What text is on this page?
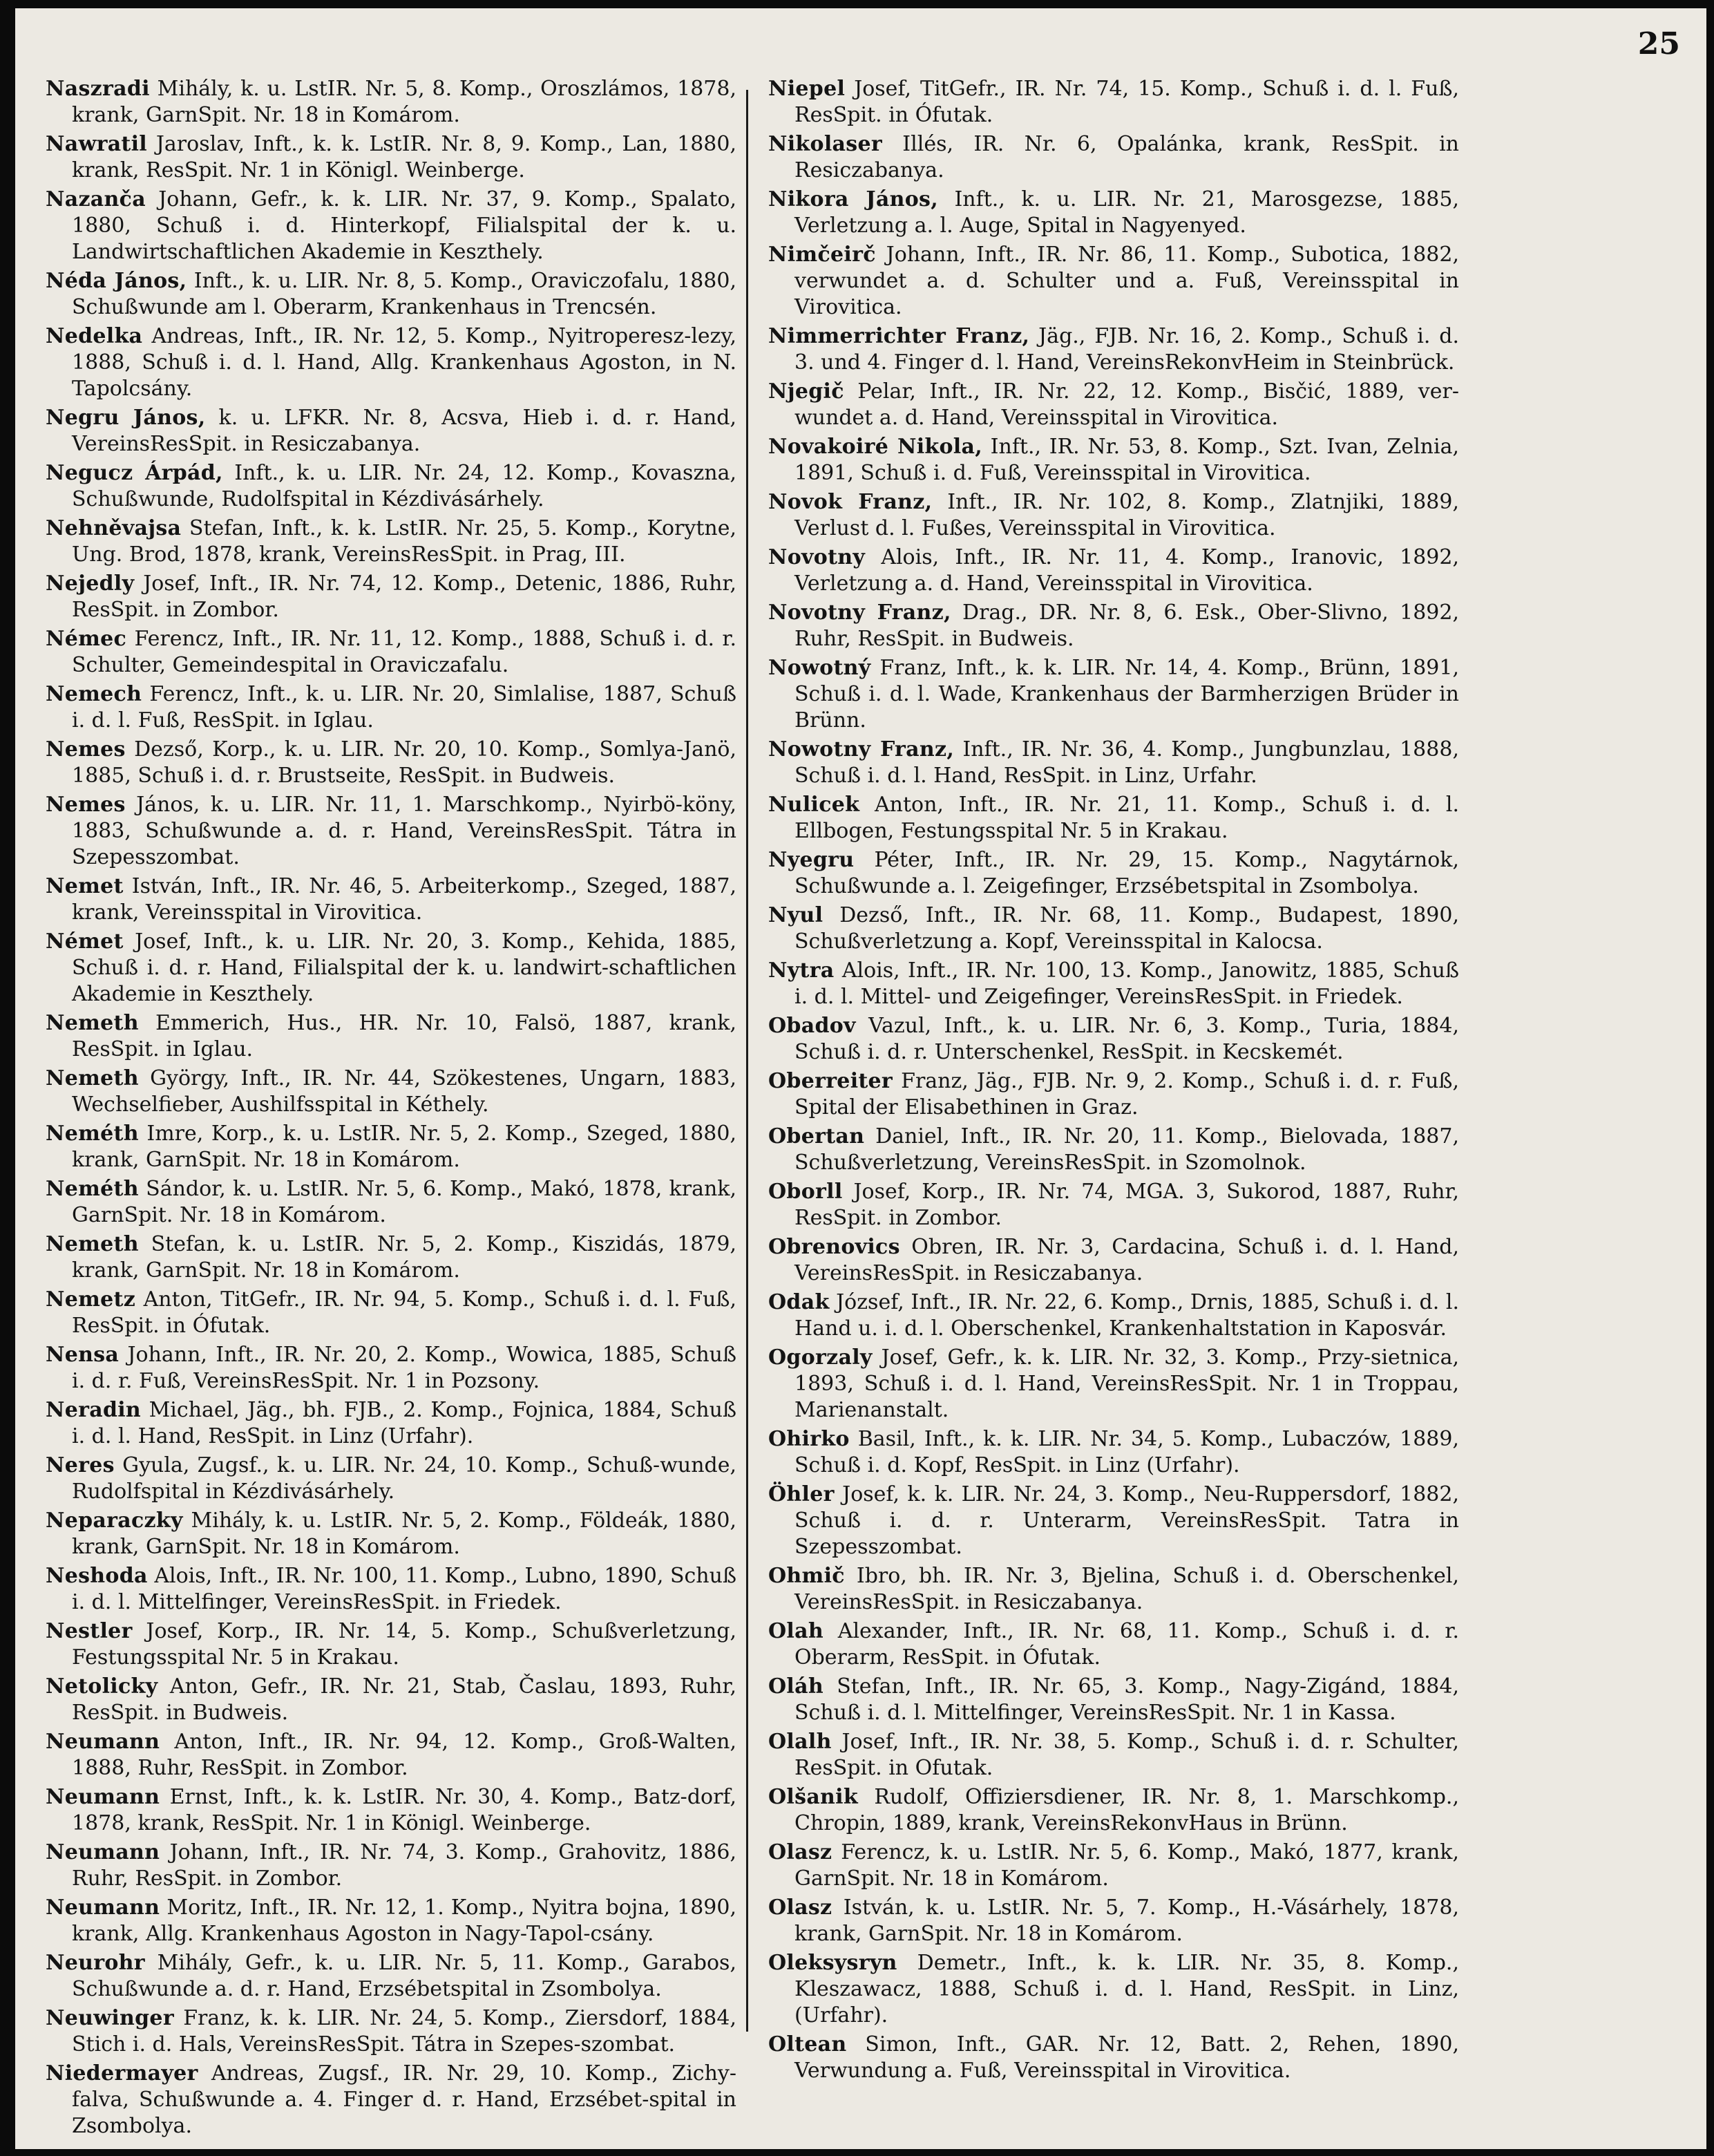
25

Naszradi Mihály, k. u. LstIR. Nr. 5, 8. Komp., Oroszlámos, 1878, krank, GarnSpit. Nr. 18 in Komárom.

Nawratil Jaroslav, Inft., k. k. LstIR. Nr. 8, 9. Komp., Lan, 1880, krank, ResSpit. Nr. 1 in Königl. Weinberge.

Nazanča Johann, Gefr., k. k. LIR. Nr. 37, 9. Komp., Spalato, 1880, Schuß i. d. Hinterkopf, Filialspital der k. u. Landwirtschaftlichen Akademie in Keszthely.

Néda János, Inft., k. u. LIR. Nr. 8, 5. Komp., Oraviczofalu, 1880, Schußwunde am l. Oberarm, Krankenhaus in Trencsén.

Nedelka Andreas, Inft., IR. Nr. 12, 5. Komp., Nyitroperesz-lezy, 1888, Schuß i. d. l. Hand, Allg. Krankenhaus Agoston, in N. Tapolcsány.

Negru János, k. u. LFKR. Nr. 8, Acsva, Hieb i. d. r. Hand, VereinsResSpit. in Resiczabanya.

Negucz Árpád, Inft., k. u. LIR. Nr. 24, 12. Komp., Kovaszna, Schußwunde, Rudolfspital in Kézdivásárhely.

Nehněvajsa Stefan, Inft., k. k. LstIR. Nr. 25, 5. Komp., Korytne, Ung. Brod, 1878, krank, VereinsResSpit. in Prag, III.

Nejedly Josef, Inft., IR. Nr. 74, 12. Komp., Detenic, 1886, Ruhr, ResSpit. in Zombor.

Némec Ferencz, Inft., IR. Nr. 11, 12. Komp., 1888, Schuß i. d. r. Schulter, Gemeindespital in Oraviczafalu.

Nemech Ferencz, Inft., k. u. LIR. Nr. 20, Simlalise, 1887, Schuß i. d. l. Fuß, ResSpit. in Iglau.

Nemes Dezső, Korp., k. u. LIR. Nr. 20, 10. Komp., Somlya-Janö, 1885, Schuß i. d. r. Brustseite, ResSpit. in Budweis.

Nemes János, k. u. LIR. Nr. 11, 1. Marschkomp., Nyirbö-köny, 1883, Schußwunde a. d. r. Hand, VereinsResSpit. Tátra in Szepesszombat.

Nemet István, Inft., IR. Nr. 46, 5. Arbeiterkomp., Szeged, 1887, krank, Vereinsspital in Virovitica.

Német Josef, Inft., k. u. LIR. Nr. 20, 3. Komp., Kehida, 1885, Schuß i. d. r. Hand, Filialspital der k. u. landwirt-schaftlichen Akademie in Keszthely.

Nemeth Emmerich, Hus., HR. Nr. 10, Falsö, 1887, krank, ResSpit. in Iglau.

Nemeth György, Inft., IR. Nr. 44, Szökestenes, Ungarn, 1883, Wechselfieber, Aushilfsspital in Kéthely.

Neméth Imre, Korp., k. u. LstIR. Nr. 5, 2. Komp., Szeged, 1880, krank, GarnSpit. Nr. 18 in Komárom.

Neméth Sándor, k. u. LstIR. Nr. 5, 6. Komp., Makó, 1878, krank, GarnSpit. Nr. 18 in Komárom.

Nemeth Stefan, k. u. LstIR. Nr. 5, 2. Komp., Kiszidás, 1879, krank, GarnSpit. Nr. 18 in Komárom.

Nemetz Anton, TitGefr., IR. Nr. 94, 5. Komp., Schuß i. d. l. Fuß, ResSpit. in Ófutak.

Nensa Johann, Inft., IR. Nr. 20, 2. Komp., Wowica, 1885, Schuß i. d. r. Fuß, VereinsResSpit. Nr. 1 in Pozsony.

Neradin Michael, Jäg., bh. FJB., 2. Komp., Fojnica, 1884, Schuß i. d. l. Hand, ResSpit. in Linz (Urfahr).

Neres Gyula, Zugsf., k. u. LIR. Nr. 24, 10. Komp., Schuß-wunde, Rudolfspital in Kézdivásárhely.

Neparaczky Mihály, k. u. LstIR. Nr. 5, 2. Komp., Földeák, 1880, krank, GarnSpit. Nr. 18 in Komárom.

Neshoda Alois, Inft., IR. Nr. 100, 11. Komp., Lubno, 1890, Schuß i. d. l. Mittelfinger, VereinsResSpit. in Friedek.

Nestler Josef, Korp., IR. Nr. 14, 5. Komp., Schußverletzung, Festungsspital Nr. 5 in Krakau.

Netolicky Anton, Gefr., IR. Nr. 21, Stab, Časlau, 1893, Ruhr, ResSpit. in Budweis.

Neumann Anton, Inft., IR. Nr. 94, 12. Komp., Groß-Walten, 1888, Ruhr, ResSpit. in Zombor.

Neumann Ernst, Inft., k. k. LstIR. Nr. 30, 4. Komp., Batz-dorf, 1878, krank, ResSpit. Nr. 1 in Königl. Weinberge.

Neumann Johann, Inft., IR. Nr. 74, 3. Komp., Grahovitz, 1886, Ruhr, ResSpit. in Zombor.

Neumann Moritz, Inft., IR. Nr. 12, 1. Komp., Nyitra bojna, 1890, krank, Allg. Krankenhaus Agoston in Nagy-Tapol-csány.

Neurohr Mihály, Gefr., k. u. LIR. Nr. 5, 11. Komp., Garabos, Schußwunde a. d. r. Hand, Erzsébetspital in Zsombolya.

Neuwinger Franz, k. k. LIR. Nr. 24, 5. Komp., Ziersdorf, 1884, Stich i. d. Hals, VereinsResSpit. Tátra in Szepes-szombat.

Niedermayer Andreas, Zugsf., IR. Nr. 29, 10. Komp., Zichy-falva, Schußwunde a. 4. Finger d. r. Hand, Erzsébet-spital in Zsombolya.

Niepel Josef, TitGefr., IR. Nr. 74, 15. Komp., Schuß i. d. l. Fuß, ResSpit. in Ófutak.

Nikolaser Illés, IR. Nr. 6, Opalánka, krank, ResSpit. in Resiczabanya.

Nikora János, Inft., k. u. LIR. Nr. 21, Marosgezse, 1885, Verletzung a. l. Auge, Spital in Nagyenyed.

Nimčeirč Johann, Inft., IR. Nr. 86, 11. Komp., Subotica, 1882, verwundet a. d. Schulter und a. Fuß, Vereinsspital in Virovitica.

Nimmerrichter Franz, Jäg., FJB. Nr. 16, 2. Komp., Schuß i. d. 3. und 4. Finger d. l. Hand, VereinsRekonvHeim in Steinbrück.

Njegič Pelar, Inft., IR. Nr. 22, 12. Komp., Bisčić, 1889, ver-wundet a. d. Hand, Vereinsspital in Virovitica.

Novakoiré Nikola, Inft., IR. Nr. 53, 8. Komp., Szt. Ivan, Zelnia, 1891, Schuß i. d. Fuß, Vereinsspital in Virovitica.

Novok Franz, Inft., IR. Nr. 102, 8. Komp., Zlatnjiki, 1889, Verlust d. l. Fußes, Vereinsspital in Virovitica.

Novotny Alois, Inft., IR. Nr. 11, 4. Komp., Iranovic, 1892, Verletzung a. d. Hand, Vereinsspital in Virovitica.

Novotny Franz, Drag., DR. Nr. 8, 6. Esk., Ober-Slivno, 1892, Ruhr, ResSpit. in Budweis.

Nowotný Franz, Inft., k. k. LIR. Nr. 14, 4. Komp., Brünn, 1891, Schuß i. d. l. Wade, Krankenhaus der Barmherzigen Brüder in Brünn.

Nowotny Franz, Inft., IR. Nr. 36, 4. Komp., Jungbunzlau, 1888, Schuß i. d. l. Hand, ResSpit. in Linz, Urfahr.

Nulicek Anton, Inft., IR. Nr. 21, 11. Komp., Schuß i. d. l. Ellbogen, Festungsspital Nr. 5 in Krakau.

Nyegru Péter, Inft., IR. Nr. 29, 15. Komp., Nagytárnok, Schußwunde a. l. Zeigefinger, Erzsébetspital in Zsombolya.

Nyul Dezső, Inft., IR. Nr. 68, 11. Komp., Budapest, 1890, Schußverletzung a. Kopf, Vereinsspital in Kalocsa.

Nytra Alois, Inft., IR. Nr. 100, 13. Komp., Janowitz, 1885, Schuß i. d. l. Mittel- und Zeigefinger, VereinsResSpit. in Friedek.

Obadov Vazul, Inft., k. u. LIR. Nr. 6, 3. Komp., Turia, 1884, Schuß i. d. r. Unterschenkel, ResSpit. in Kecskemét.

Oberreiter Franz, Jäg., FJB. Nr. 9, 2. Komp., Schuß i. d. r. Fuß, Spital der Elisabethinen in Graz.

Obertan Daniel, Inft., IR. Nr. 20, 11. Komp., Bielovada, 1887, Schußverletzung, VereinsResSpit. in Szomolnok.

Oborll Josef, Korp., IR. Nr. 74, MGA. 3, Sukorod, 1887, Ruhr, ResSpit. in Zombor.

Obrenovics Obren, IR. Nr. 3, Cardacina, Schuß i. d. l. Hand, VereinsResSpit. in Resiczabanya.

Odak József, Inft., IR. Nr. 22, 6. Komp., Drnis, 1885, Schuß i. d. l. Hand u. i. d. l. Oberschenkel, Krankenhaltstation in Kaposvár.

Ogorzaly Josef, Gefr., k. k. LIR. Nr. 32, 3. Komp., Przy-sietnica, 1893, Schuß i. d. l. Hand, VereinsResSpit. Nr. 1 in Troppau, Marienanstalt.

Ohirko Basil, Inft., k. k. LIR. Nr. 34, 5. Komp., Lubaczów, 1889, Schuß i. d. Kopf, ResSpit. in Linz (Urfahr).

Öhler Josef, k. k. LIR. Nr. 24, 3. Komp., Neu-Ruppersdorf, 1882, Schuß i. d. r. Unterarm, VereinsResSpit. Tatra in Szepesszombat.

Ohmič Ibro, bh. IR. Nr. 3, Bjelina, Schuß i. d. Oberschenkel, VereinsResSpit. in Resiczabanya.

Olah Alexander, Inft., IR. Nr. 68, 11. Komp., Schuß i. d. r. Oberarm, ResSpit. in Ófutak.

Oláh Stefan, Inft., IR. Nr. 65, 3. Komp., Nagy-Zigánd, 1884, Schuß i. d. l. Mittelfinger, VereinsResSpit. Nr. 1 in Kassa.

Olalh Josef, Inft., IR. Nr. 38, 5. Komp., Schuß i. d. r. Schulter, ResSpit. in Ofutak.

Olšanik Rudolf, Offiziersdiener, IR. Nr. 8, 1. Marschkomp., Chropin, 1889, krank, VereinsRekonvHaus in Brünn.

Olasz Ferencz, k. u. LstIR. Nr. 5, 6. Komp., Makó, 1877, krank, GarnSpit. Nr. 18 in Komárom.

Olasz István, k. u. LstIR. Nr. 5, 7. Komp., H.-Vásárhely, 1878, krank, GarnSpit. Nr. 18 in Komárom.

Oleksysryn Demetr., Inft., k. k. LIR. Nr. 35, 8. Komp., Kleszawacz, 1888, Schuß i. d. l. Hand, ResSpit. in Linz, (Urfahr).

Oltean Simon, Inft., GAR. Nr. 12, Batt. 2, Rehen, 1890, Verwundung a. Fuß, Vereinsspital in Virovitica.
